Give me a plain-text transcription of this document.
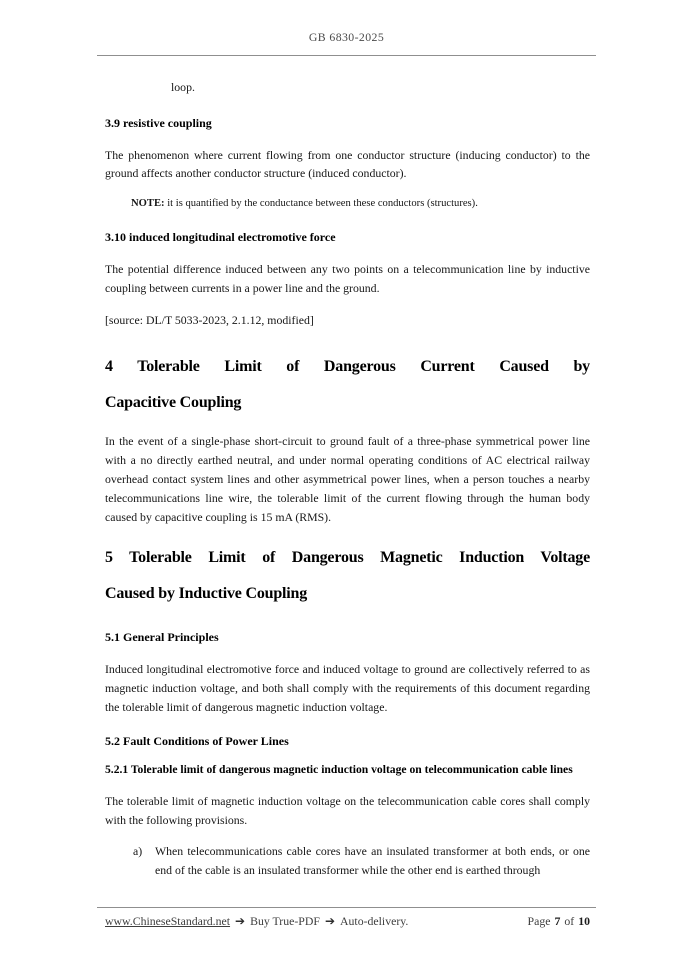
GB 6830-2025

loop.

3.9 resistive coupling

The phenomenon where current flowing from one conductor structure (inducing conductor) to the ground affects another conductor structure (induced conductor).

NOTE: it is quantified by the conductance between these conductors (structures).

3.10 induced longitudinal electromotive force

The potential difference induced between any two points on a telecommunication line by inductive coupling between currents in a power line and the ground.

[source: DL/T 5033-2023, 2.1.12, modified]

4 Tolerable Limit of Dangerous Current Caused by
Capacitive Coupling

In the event of a single-phase short-circuit to ground fault of a three-phase symmetrical power line with a no directly earthed neutral, and under normal operating conditions of AC electrical railway overhead contact system lines and other asymmetrical power lines, when a person touches a nearby telecommunications line wire, the tolerable limit of the current flowing through the human body caused by capacitive coupling is 15 mA (RMS).

5 Tolerable Limit of Dangerous Magnetic Induction Voltage
Caused by Inductive Coupling
5.1 General Principles

Induced longitudinal electromotive force and induced voltage to ground are collectively referred to as magnetic induction voltage, and both shall comply with the requirements of this document regarding the tolerable limit of dangerous magnetic induction voltage.

5.2 Fault Conditions of Power Lines
5.2.1 Tolerable limit of dangerous magnetic induction voltage on telecommunication cable lines

The tolerable limit of magnetic induction voltage on the telecommunication cable cores shall comply with the following provisions.

a)	When telecommunications cable cores have an insulated transformer at both ends, or one end of the cable is an insulated transformer while the other end is earthed through
www.ChineseStandard.net ➔ Buy True-PDF ➔ Auto-delivery.	Page 7 of 10
